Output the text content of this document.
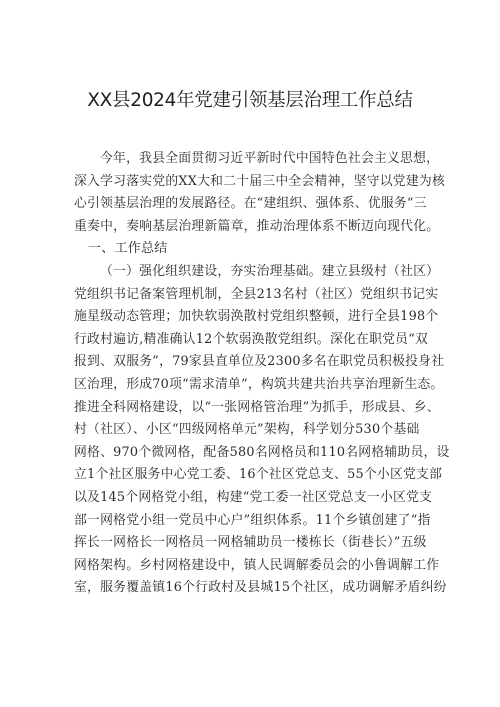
XX县2024年党建引领基层治理工作总结
今年，我县全面贯彻习近平新时代中国特色社会主义思想，
深入学习落实党的XX大和二十届三中全会精神，坚守以党建为核
心引领基层治理的发展路径。在“建组织、强体系、优服务”三
重奏中，奏响基层治理新篇章，推动治理体系不断迈向现代化。
一、工作总结
（一）强化组织建设，夯实治理基础。建立县级村（社区）
党组织书记备案管理机制，全县213名村（社区）党组织书记实
施星级动态管理；加快软弱涣散村党组织整顿，进行全县198个
行政村遍访,精准确认12个软弱涣散党组织。深化在职党员“双
报到、双服务”，79家县直单位及2300多名在职党员积极投身社
区治理，形成70项“需求清单”，构筑共建共治共享治理新生态。
推进全科网格建设，以“一张网格管治理”为抓手，形成县、乡、
村（社区）、小区“四级网格单元”架构，科学划分530个基础
网格、970个微网格，配备580名网格员和110名网格辅助员，设
立1个社区服务中心党工委、16个社区党总支、55个小区党支部
以及145个网格党小组，构建“党工委一社区党总支一小区党支
部一网格党小组一党员中心户”组织体系。11个乡镇创建了“指
挥长一网格长一网格员一网格辅助员一楼栋长（街巷长）”五级
网格架构。乡村网格建设中，镇人民调解委员会的小鲁调解工作
室，服务覆盖镇16个行政村及县城15个社区，成功调解矛盾纠纷
